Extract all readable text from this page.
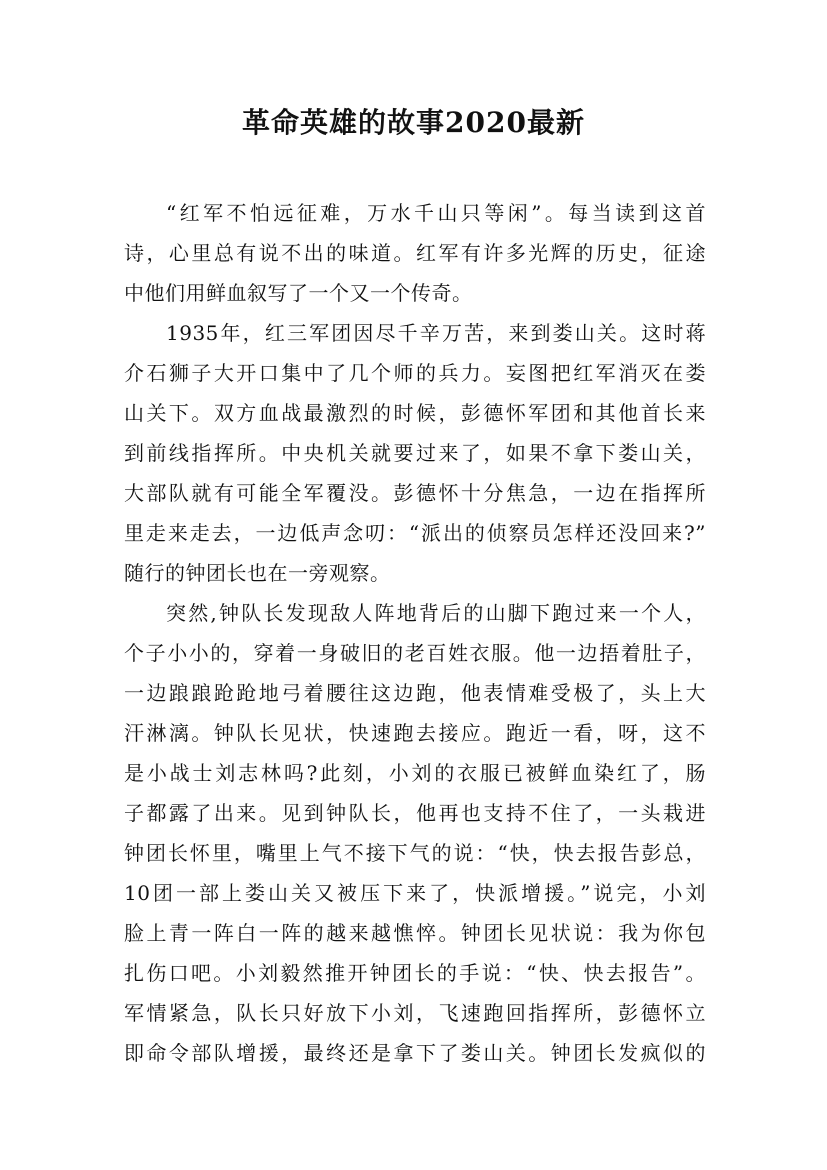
革命英雄的故事2020最新
“红军不怕远征难，万水千山只等闲”。每当读到这首
诗，心里总有说不出的味道。红军有许多光辉的历史，征途
中他们用鲜血叙写了一个又一个传奇。
1935年，红三军团因尽千辛万苦，来到娄山关。这时蒋
介石狮子大开口集中了几个师的兵力。妄图把红军消灭在娄
山关下。双方血战最激烈的时候，彭德怀军团和其他首长来
到前线指挥所。中央机关就要过来了，如果不拿下娄山关，
大部队就有可能全军覆没。彭德怀十分焦急，一边在指挥所
里走来走去，一边低声念叨：“派出的侦察员怎样还没回来?”
随行的钟团长也在一旁观察。
突然,钟队长发现敌人阵地背后的山脚下跑过来一个人，
个子小小的，穿着一身破旧的老百姓衣服。他一边捂着肚子，
一边踉踉跄跄地弓着腰往这边跑，他表情难受极了，头上大
汗淋漓。钟队长见状，快速跑去接应。跑近一看，呀，这不
是小战士刘志林吗?此刻，小刘的衣服已被鲜血染红了，肠
子都露了出来。见到钟队长，他再也支持不住了，一头栽进
钟团长怀里，嘴里上气不接下气的说：“快，快去报告彭总，
10团一部上娄山关又被压下来了，快派增援。”说完，小刘
脸上青一阵白一阵的越来越憔悴。钟团长见状说：我为你包
扎伤口吧。小刘毅然推开钟团长的手说：“快、快去报告”。
军情紧急，队长只好放下小刘，飞速跑回指挥所，彭德怀立
即命令部队增援，最终还是拿下了娄山关。钟团长发疯似的
